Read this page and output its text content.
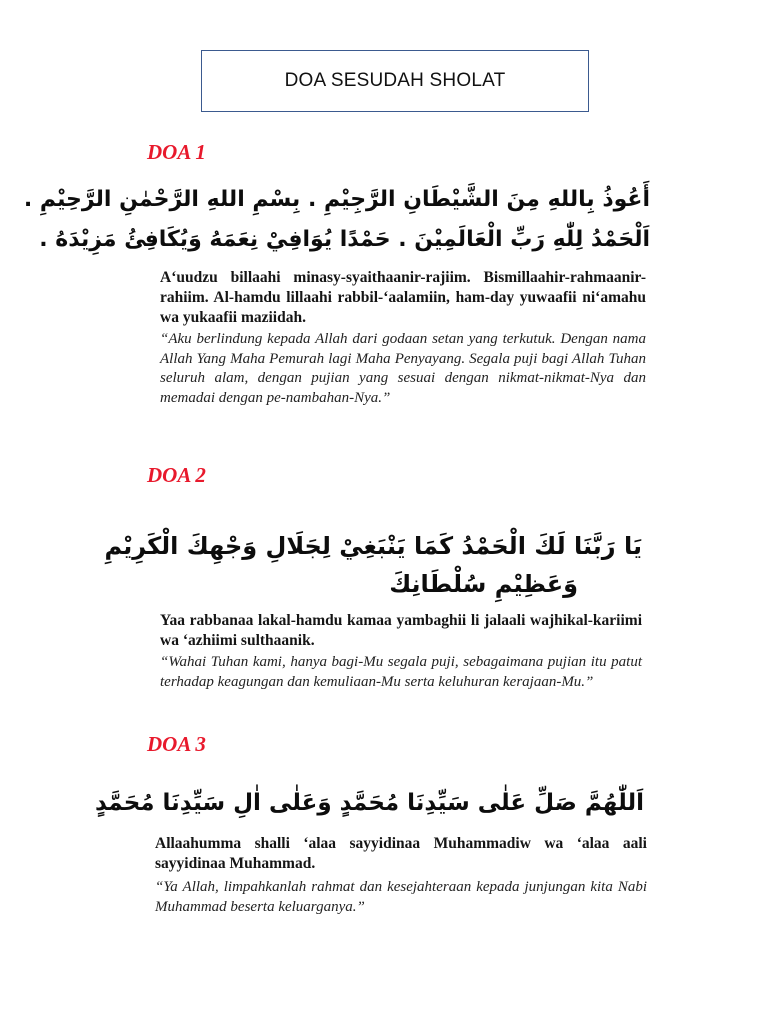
DOA SESUDAH SHOLAT
DOA 1
أَعُوذُ بِاللهِ مِنَ الشَّيْطَانِ الرَّجِيْمِ . بِسْمِ اللهِ الرَّحْمٰنِ الرَّحِيْمِ .
اَلْحَمْدُ لِلّٰهِ رَبِّ الْعَالَمِيْنَ . حَمْدًا يُوَافِيْ نِعَمَهُ وَيُكَافِئُ مَزِيْدَهُ .
A‘uudzu billaahi minasy-syaithaanir-rajiim. Bismillaahir-rahmaanir-rahiim. Al-hamdu lillaahi rabbil-‘aalamiin, ham-day yuwaafii ni‘amahu wa yukaafii maziidah.
“Aku berlindung kepada Allah dari godaan setan yang terkutuk. Dengan nama Allah Yang Maha Pemurah lagi Maha Penyayang. Segala puji bagi Allah Tuhan seluruh alam, dengan pujian yang sesuai dengan nikmat-nikmat-Nya dan memadai dengan pe-nambahan-Nya.”
DOA 2
يَا رَبَّنَا لَكَ الْحَمْدُ كَمَا يَنْبَغِيْ لِجَلَالِ وَجْهِكَ الْكَرِيْمِ
وَعَظِيْمِ سُلْطَانِكَ
Yaa rabbanaa lakal-hamdu kamaa yambaghii li jalaali wajhikal-kariimi wa ‘azhiimi sulthaanik.
“Wahai Tuhan kami, hanya bagi-Mu segala puji, sebagaimana pujian itu patut terhadap keagungan dan kemuliaan-Mu serta keluhuran kerajaan-Mu.”
DOA 3
اَللّٰهُمَّ صَلِّ عَلٰى سَيِّدِنَا مُحَمَّدٍ وَعَلٰى اٰلِ سَيِّدِنَا مُحَمَّدٍ
Allaahumma shalli ‘alaa sayyidinaa Muhammadiw wa ‘alaa aali sayyidinaa Muhammad.
“Ya Allah, limpahkanlah rahmat dan kesejahteraan kepada junjungan kita Nabi Muhammad beserta keluarganya.”
